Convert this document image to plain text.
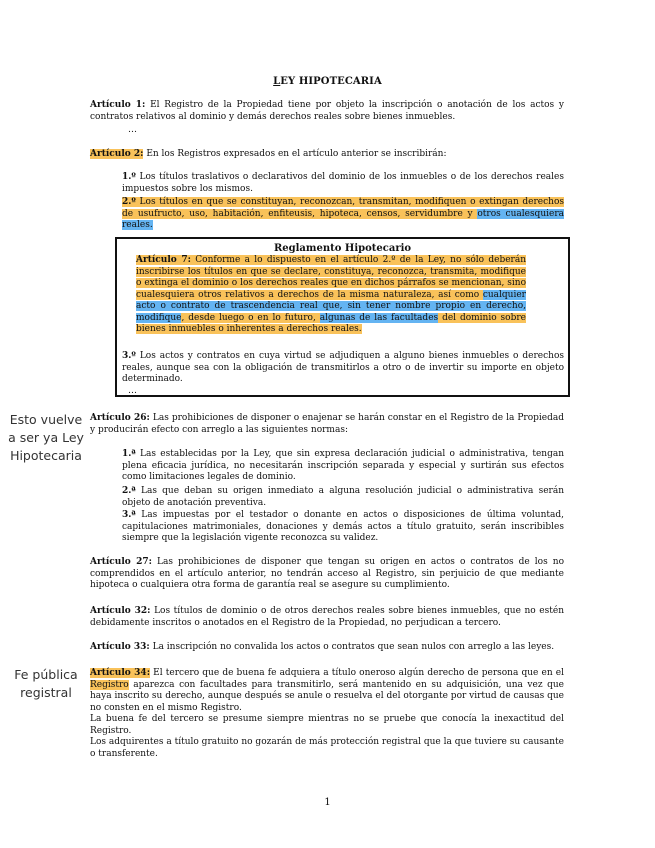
LEY HIPOTECARIA
Artículo 1: El Registro de la Propiedad tiene por objeto la inscripción o anotación de los actos y contratos relativos al dominio y demás derechos reales sobre bienes inmuebles.
…
Artículo 2: En los Registros expresados en el artículo anterior se inscribirán:
1.º Los títulos traslativos o declarativos del dominio de los inmuebles o de los derechos reales impuestos sobre los mismos.
2.º Los títulos en que se constituyan, reconozcan, transmitan, modifiquen o extingan derechos de usufructo, uso, habitación, enfiteusis, hipoteca, censos, servidumbre y otros cualesquiera reales.
Reglamento Hipotecario
Artículo 7: Conforme a lo dispuesto en el artículo 2.º de la Ley, no sólo deberán inscribirse los títulos en que se declare, constituya, reconozca, transmita, modifique o extinga el dominio o los derechos reales que en dichos párrafos se mencionan, sino cualesquiera otros relativos a derechos de la misma naturaleza, así como cualquier acto o contrato de trascendencia real que, sin tener nombre propio en derecho, modifique, desde luego o en lo futuro, algunas de las facultades del dominio sobre bienes inmuebles o inherentes a derechos reales.
3.º Los actos y contratos en cuya virtud se adjudiquen a alguno bienes inmuebles o derechos reales, aunque sea con la obligación de transmitirlos a otro o de invertir su importe en objeto determinado.
…
Esto vuelve
a ser ya Ley
Hipotecaria
Artículo 26: Las prohibiciones de disponer o enajenar se harán constar en el Registro de la Propiedad y producirán efecto con arreglo a las siguientes normas:
1.ª Las establecidas por la Ley, que sin expresa declaración judicial o administrativa, tengan plena eficacia jurídica, no necesitarán inscripción separada y especial y surtirán sus efectos como limitaciones legales de dominio.
2.ª Las que deban su origen inmediato a alguna resolución judicial o administrativa serán objeto de anotación preventiva.
3.ª Las impuestas por el testador o donante en actos o disposiciones de última voluntad, capitulaciones matrimoniales, donaciones y demás actos a título gratuito, serán inscribibles siempre que la legislación vigente reconozca su validez.
Artículo 27: Las prohibiciones de disponer que tengan su origen en actos o contratos de los no comprendidos en el artículo anterior, no tendrán acceso al Registro, sin perjuicio de que mediante hipoteca o cualquiera otra forma de garantía real se asegure su cumplimiento.
Artículo 32: Los títulos de dominio o de otros derechos reales sobre bienes inmuebles, que no estén debidamente inscritos o anotados en el Registro de la Propiedad, no perjudican a tercero.
Artículo 33: La inscripción no convalida los actos o contratos que sean nulos con arreglo a las leyes.
Fe pública
registral
Artículo 34: El tercero que de buena fe adquiera a título oneroso algún derecho de persona que en el Registro aparezca con facultades para transmitirlo, será mantenido en su adquisición, una vez que haya inscrito su derecho, aunque después se anule o resuelva el del otorgante por virtud de causas que no consten en el mismo Registro.
La buena fe del tercero se presume siempre mientras no se pruebe que conocía la inexactitud del Registro.
Los adquirentes a título gratuito no gozarán de más protección registral que la que tuviere su causante o transferente.
1
